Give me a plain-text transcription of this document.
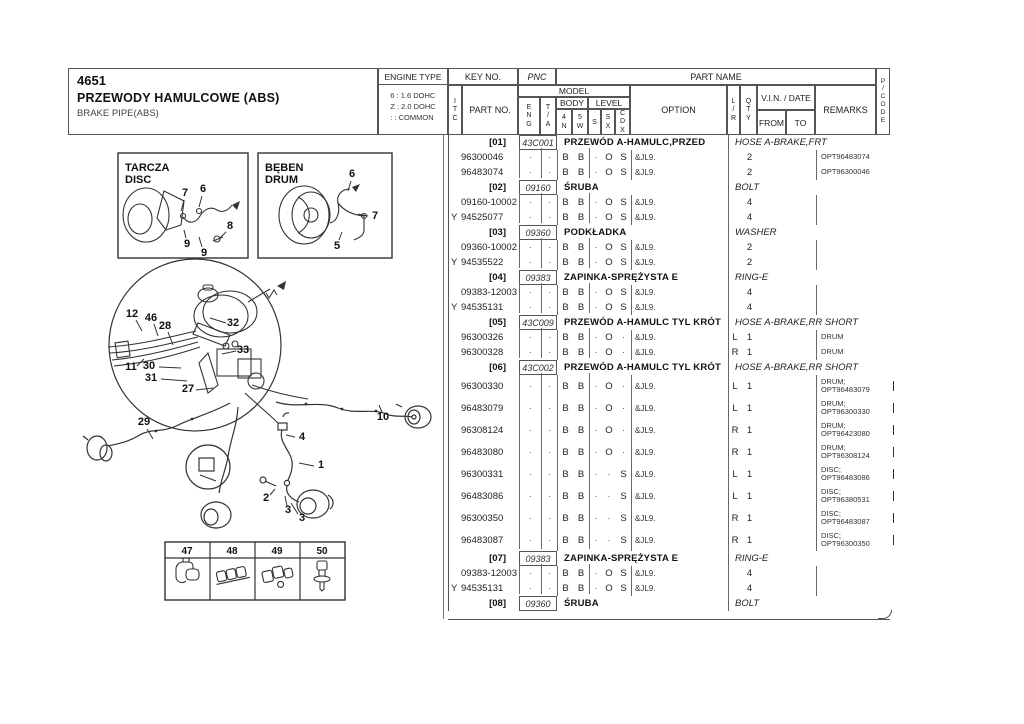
4651
PRZEWODY HAMULCOWE (ABS)
BRAKE PIPE(ABS)
ENGINE TYPE
6 : 1.6 DOHC
Z : 2.0 DOHC
: : COMMON
KEY NO.	PNC	PART NAME	P
/
C
O
D
E
I
T
C
PART NO.
MODEL
E
N
G
T
/
A
BODY
4
N
5
W
LEVEL
S
S
X
C
D
X
OPTION
L
/
R
Q
T
Y
V.I.N. / DATE
FROM	TO
REMARKS
[01]	43C001	PRZEWÓD A-HAMULC,PRZED	HOSE A-BRAKE,FRT
96300046	.	.	B B	. O S	&JL9.	2	OPT96483074
96483074	.	.	B B	. O S	&JL9.	2	OPT96300046
[02]	09160	ŚRUBA	BOLT
09160-10002	.	.	B B	. O S	&JL9.	4
Y 94525077	.	.	B B	. O S	&JL9.	4
[03]	09360	PODKŁADKA	WASHER
09360-10002	.	.	B B	. O S	&JL9.	2
Y 94535522	.	.	B B	. O S	&JL9.	2
[04]	09383	ZAPINKA-SPRĘŻYSTA E	RING-E
09383-12003	.	.	B B	. O S	&JL9.	4
Y 94535131	.	.	B B	. O S	&JL9.	4
[05]	43C009	PRZEWÓD A-HAMULC TYL KRÓT	HOSE A-BRAKE,RR SHORT
96300326	.	.	B B	. O .	&JL9.	L 1	DRUM
96300328	.	.	B B	. O .	&JL9.	R 1	DRUM
[06]	43C002	PRZEWÓD A-HAMULC TYL KRÓT	HOSE A-BRAKE,RR SHORT
96300330	.	.	B B	. O .	&JL9.	L 1	DRUM;
OPT96483079
96483079	.	.	B B	. O .	&JL9.	L 1	DRUM;
OPT96300330
96308124	.	.	B B	. O .	&JL9.	R 1	DRUM;
OPT96423080
96483080	.	.	B B	. O .	&JL9.	R 1	DRUM;
OPT96308124
96300331	.	.	B B	.	.	S	&JL9.	L 1	DISC;
OPT96483086
96483086	.	.	B B	.	.	S	&JL9.	L 1	DISC;
OPT96380531
96300350	.	.	B B	.	.	S	&JL9.	R 1	DISC;
OPT96483087
96483087	.	.	B B	.	.	S	&JL9.	R 1	DISC;
OPT96300350
[07]	09383	ZAPINKA-SPRĘŻYSTA E	RING-E
09383-12003	.	.	B B	. O S	&JL9.	4
Y 94535131	.	.	B B	. O S	&JL9.	4
[08]	09360	ŚRUBA	BOLT
TARCZA
DISC
BĘBEN
DRUM
47	48	49	50
7 6
8
9
9
6
7
5
12 46
28	32
33
11 30
31
27
29	10
4
1
2
3
3
